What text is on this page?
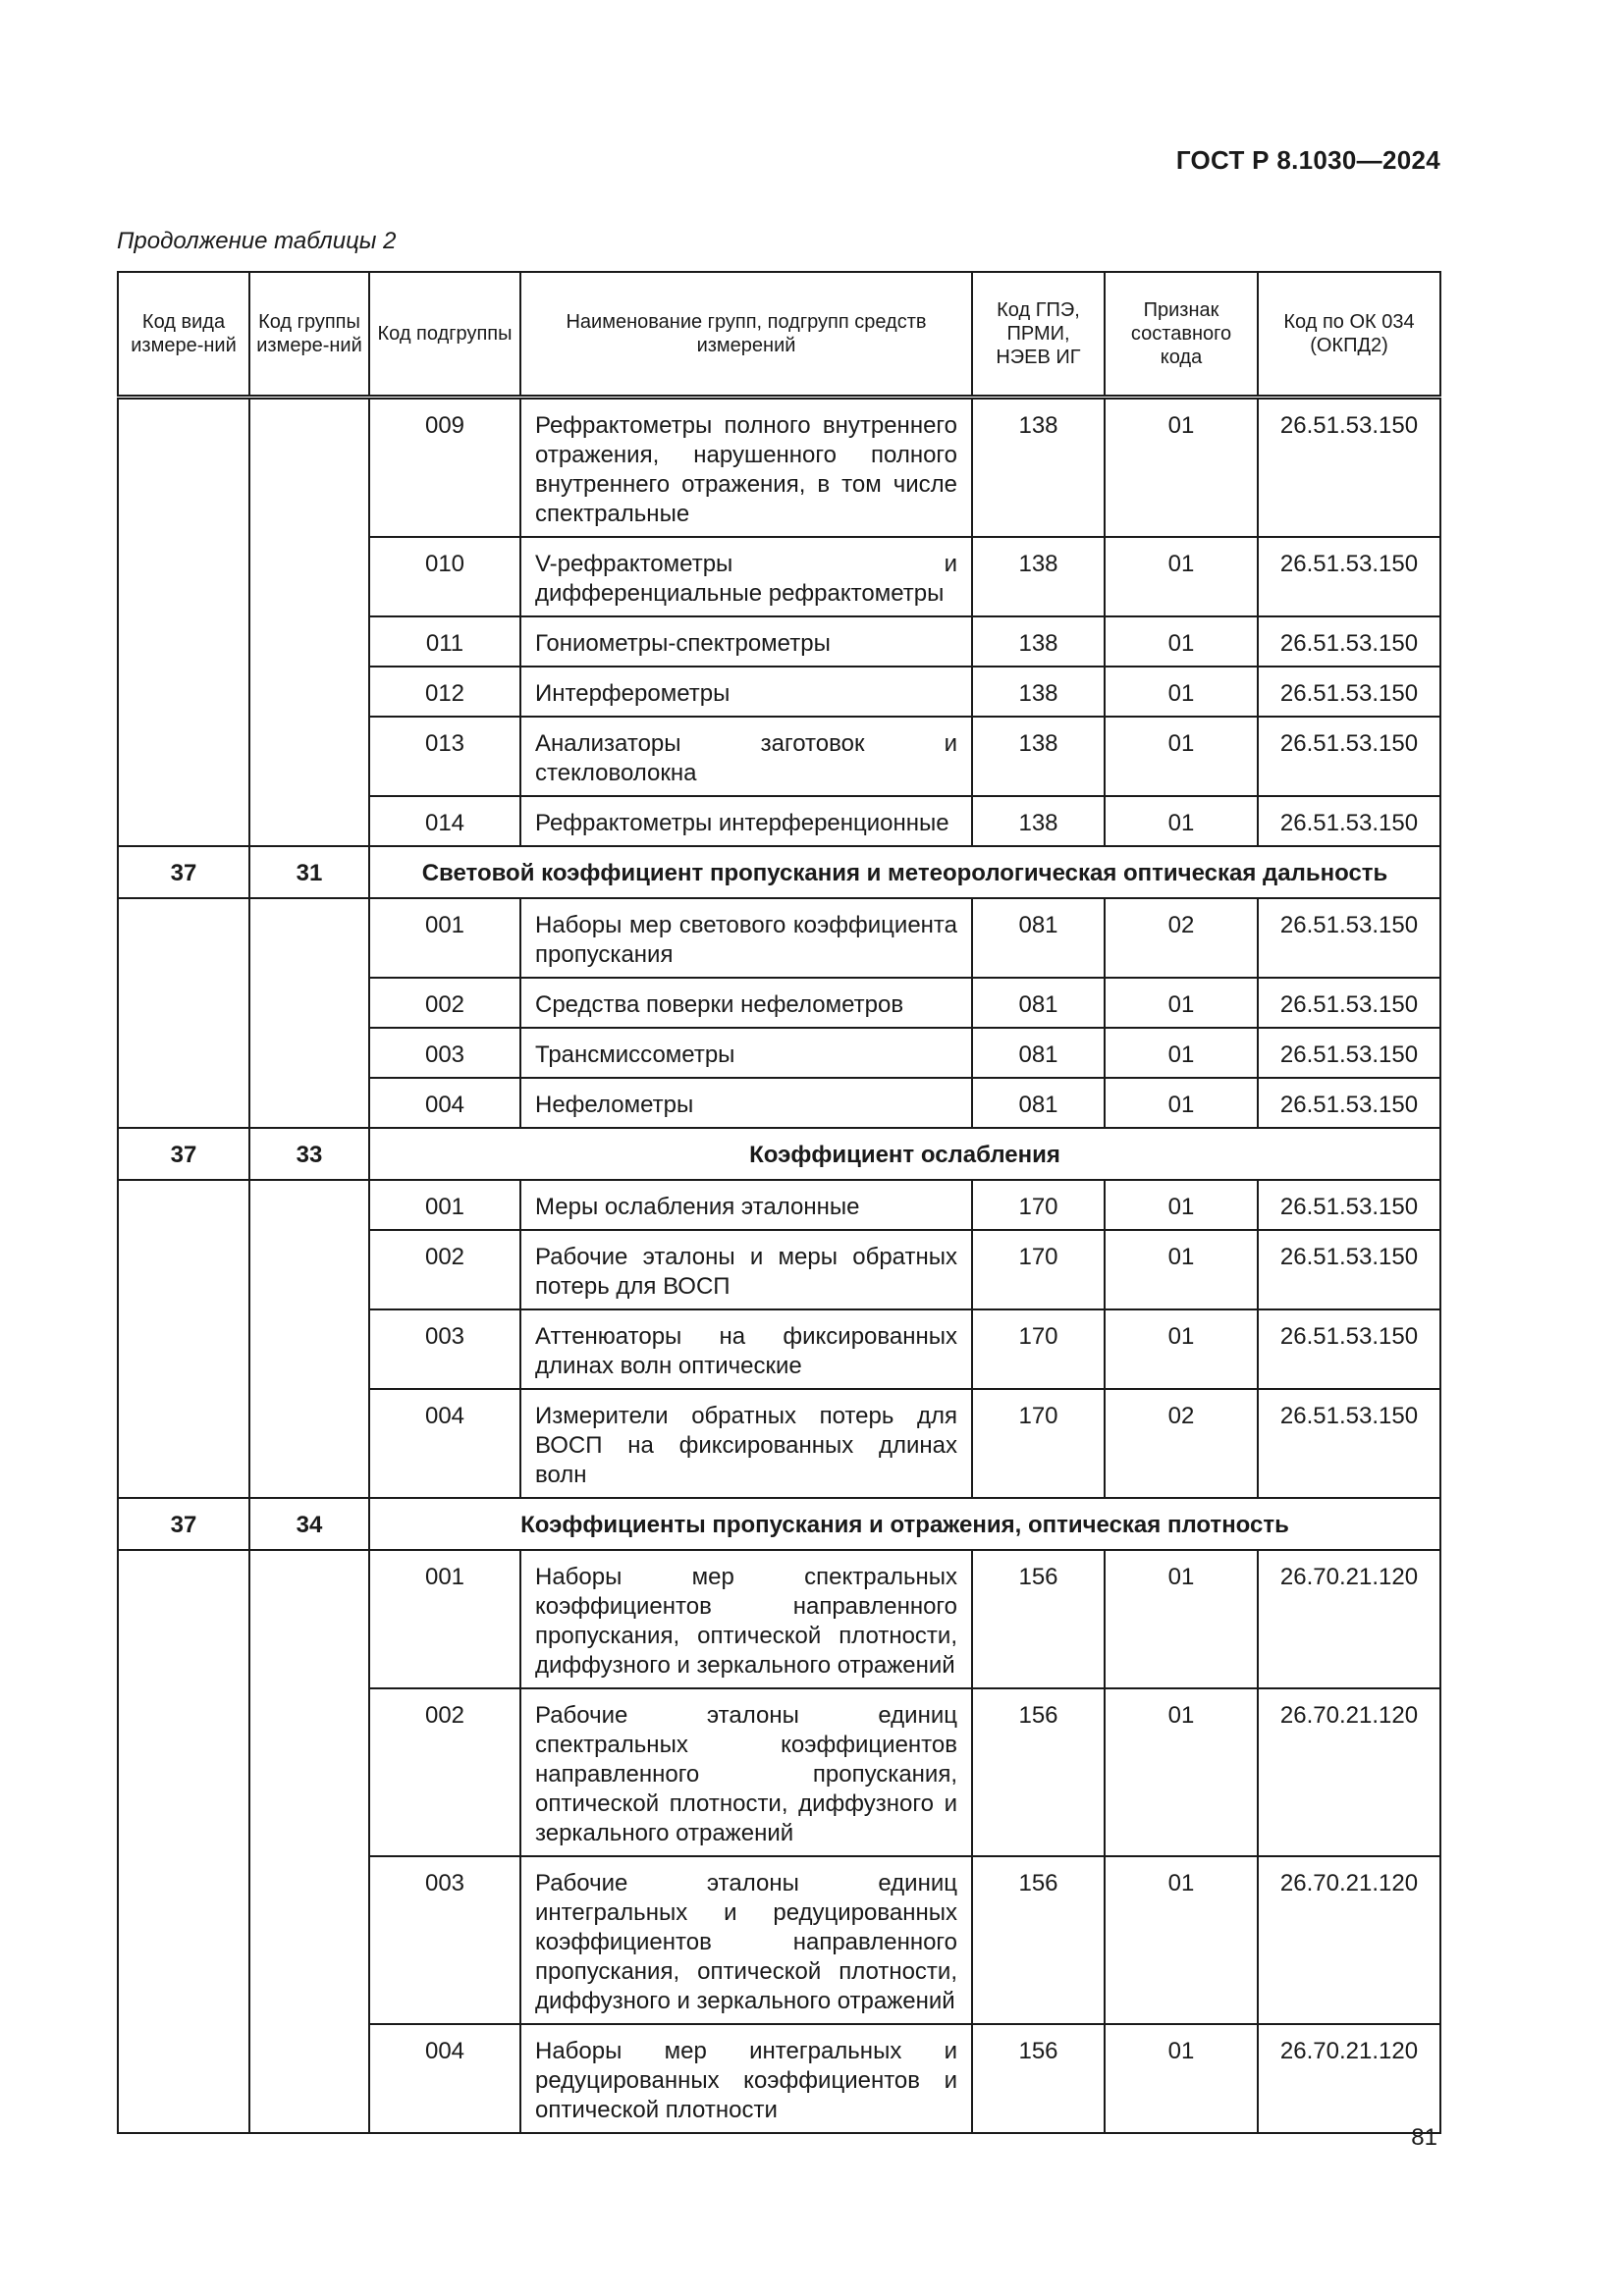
ГОСТ Р 8.1030—2024
Продолжение таблицы 2
Код вида измере-ний	Код группы измере-ний	Код подгруппы	Наименование групп, подгрупп средств измерений	Код ГПЭ, ПРМИ, НЭЕВ ИГ	Признак составного кода	Код по ОК 034 (ОКПД2)
		009	Рефрактометры полного внутреннего отражения, нарушенного полного внутреннего отражения, в том числе спектральные	138	01	26.51.53.150
		010	V-рефрактометры и дифференциальные рефрактометры	138	01	26.51.53.150
		011	Гониометры-спектрометры	138	01	26.51.53.150
		012	Интерферометры	138	01	26.51.53.150
		013	Анализаторы заготовок и стекловолокна	138	01	26.51.53.150
		014	Рефрактометры интерференционные	138	01	26.51.53.150
37	31	Световой коэффициент пропускания и метеорологическая оптическая дальность				
		001	Наборы мер светового коэффициента пропускания	081	02	26.51.53.150
		002	Средства поверки нефелометров	081	01	26.51.53.150
		003	Трансмиссометры	081	01	26.51.53.150
		004	Нефелометры	081	01	26.51.53.150
37	33	Коэффициент ослабления				
		001	Меры ослабления эталонные	170	01	26.51.53.150
		002	Рабочие эталоны и меры обратных потерь для ВОСП	170	01	26.51.53.150
		003	Аттенюаторы на фиксированных длинах волн оптические	170	01	26.51.53.150
		004	Измерители обратных потерь для ВОСП на фиксированных длинах волн	170	02	26.51.53.150
37	34	Коэффициенты пропускания и отражения, оптическая плотность				
		001	Наборы мер спектральных коэффициентов направленного пропускания, оптической плотности, диффузного и зеркального отражений	156	01	26.70.21.120
		002	Рабочие эталоны единиц спектральных коэффициентов направленного пропускания, оптической плотности, диффузного и зеркального отражений	156	01	26.70.21.120
		003	Рабочие эталоны единиц интегральных и редуцированных коэффициентов направленного пропускания, оптической плотности, диффузного и зеркального отражений	156	01	26.70.21.120
		004	Наборы мер интегральных и редуцированных коэффициентов и оптической плотности	156	01	26.70.21.120
81
